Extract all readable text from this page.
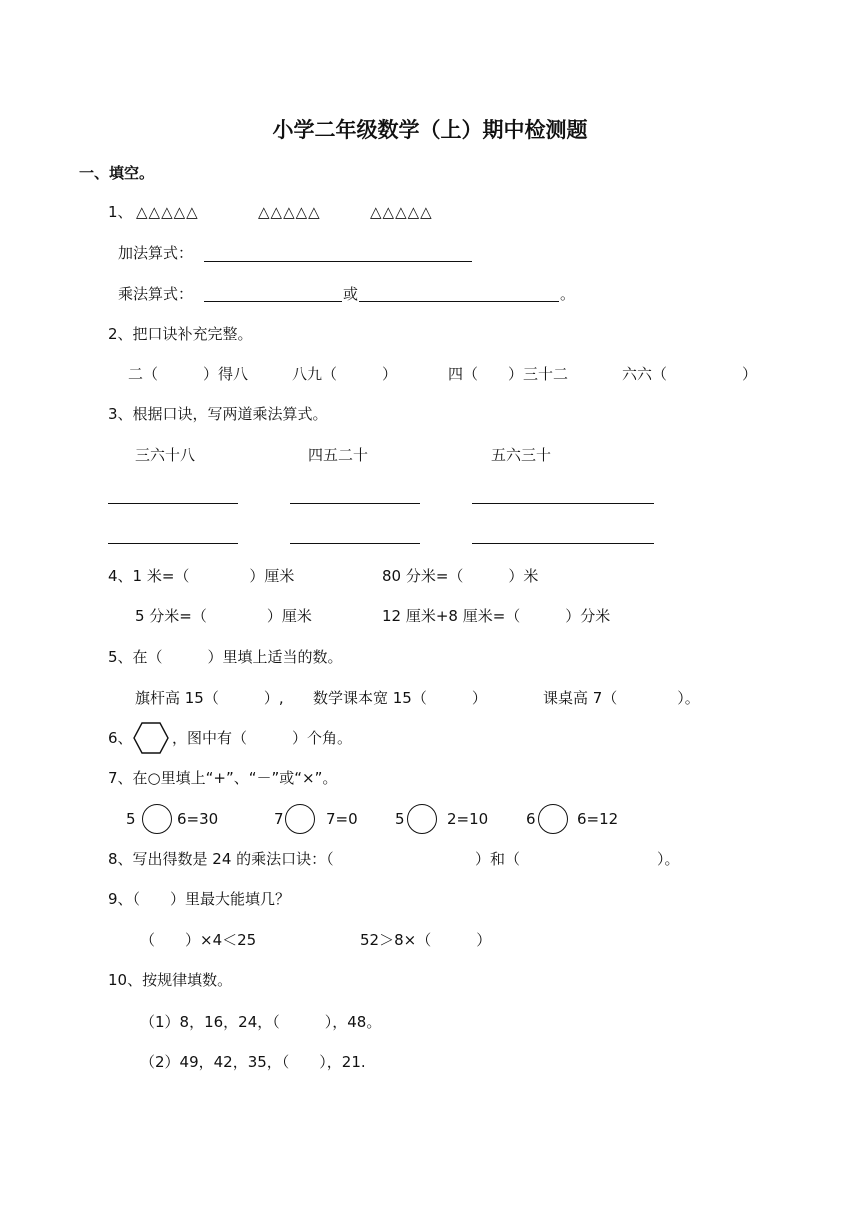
小学二年级数学（上）期中检测题
一、填空。
1、 △△△△△	△△△△△	△△△△△
加法算式：
乘法算式：	或	。
2、把口诀补充完整。
二（　　　）得八	八九（　　　）	四（　　）三十二	六六（　　　　　）
3、根据口诀，写两道乘法算式。
三六十八	四五二十	五六三十
4、1 米=（　　　　）厘米	80 分米=（　　　）米
5 分米=（　　　　）厘米	12 厘米+8 厘米=（　　　）分米
5、在（　　　）里填上适当的数。
旗杆高 15（　　　）, 数学课本宽 15（　　　）	课桌高 7（　　　　）。
6、	，图中有（　　　）个角。
7、在○里填上“+”、“－”或“×”。
5	6=30	7	7=0 5	2=10	6	6=12
8、写出得数是 24 的乘法口诀：（	）和（	）。
9、（　　）里最大能填几？
（　　）×4＜25	52＞8×（　　　）
10、按规律填数。
（1）8，16，24，（　　　），48。
（2）49，42，35，（　　），21.
